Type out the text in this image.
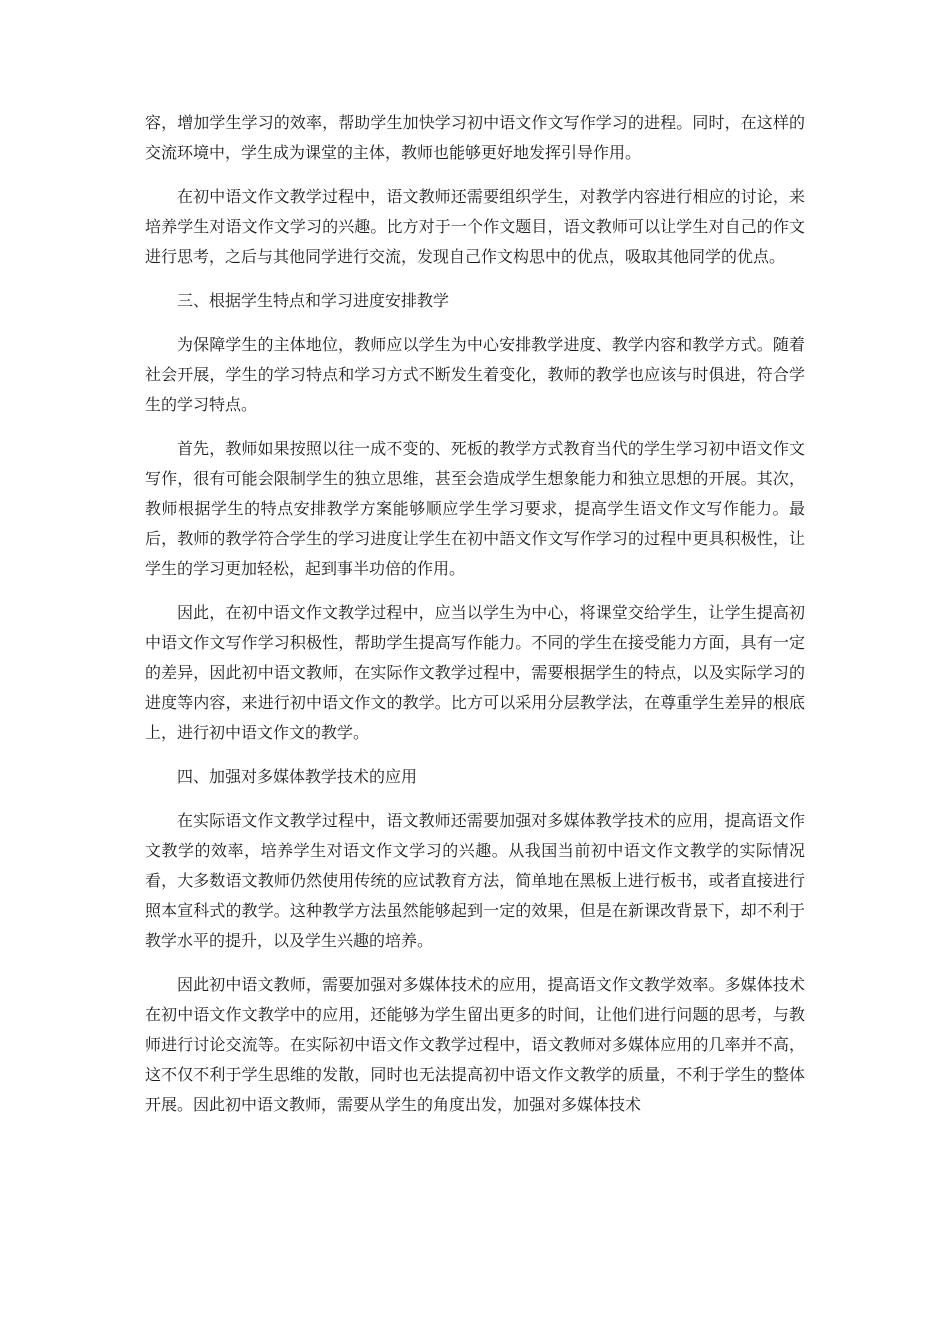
容，增加学生学习的效率，帮助学生加快学习初中语文作文写作学习的进程。同时，在这样的交流环境中，学生成为课堂的主体，教师也能够更好地发挥引导作用。

在初中语文作文教学过程中，语文教师还需要组织学生，对教学内容进行相应的讨论，来培养学生对语文作文学习的兴趣。比方对于一个作文题目，语文教师可以让学生对自己的作文进行思考，之后与其他同学进行交流，发现自己作文构思中的优点，吸取其他同学的优点。

三、根据学生特点和学习进度安排教学

为保障学生的主体地位，教师应以学生为中心安排教学进度、教学内容和教学方式。随着社会开展，学生的学习特点和学习方式不断发生着变化，教师的教学也应该与时俱进，符合学生的学习特点。

首先，教师如果按照以往一成不变的、死板的教学方式教育当代的学生学习初中语文作文写作，很有可能会限制学生的独立思维，甚至会造成学生想象能力和独立思想的开展。其次，教师根据学生的特点安排教学方案能够顺应学生学习要求，提高学生语文作文写作能力。最后，教师的教学符合学生的学习进度让学生在初中語文作文写作学习的过程中更具积极性，让学生的学习更加轻松，起到事半功倍的作用。

因此，在初中语文作文教学过程中，应当以学生为中心，将课堂交给学生，让学生提高初中语文作文写作学习积极性，帮助学生提高写作能力。不同的学生在接受能力方面，具有一定的差异，因此初中语文教师，在实际作文教学过程中，需要根据学生的特点，以及实际学习的进度等内容，来进行初中语文作文的教学。比方可以采用分层教学法，在尊重学生差异的根底上，进行初中语文作文的教学。

四、加强对多媒体教学技术的应用

在实际语文作文教学过程中，语文教师还需要加强对多媒体教学技术的应用，提高语文作文教学的效率，培养学生对语文作文学习的兴趣。从我国当前初中语文作文教学的实际情况看，大多数语文教师仍然使用传统的应试教育方法，简单地在黑板上进行板书，或者直接进行照本宣科式的教学。这种教学方法虽然能够起到一定的效果，但是在新课改背景下，却不利于教学水平的提升，以及学生兴趣的培养。

因此初中语文教师，需要加强对多媒体技术的应用，提高语文作文教学效率。多媒体技术在初中语文作文教学中的应用，还能够为学生留出更多的时间，让他们进行问题的思考，与教师进行讨论交流等。在实际初中语文作文教学过程中，语文教师对多媒体应用的几率并不高，这不仅不利于学生思维的发散，同时也无法提高初中语文作文教学的质量，不利于学生的整体开展。因此初中语文教师，需要从学生的角度出发，加强对多媒体技术
